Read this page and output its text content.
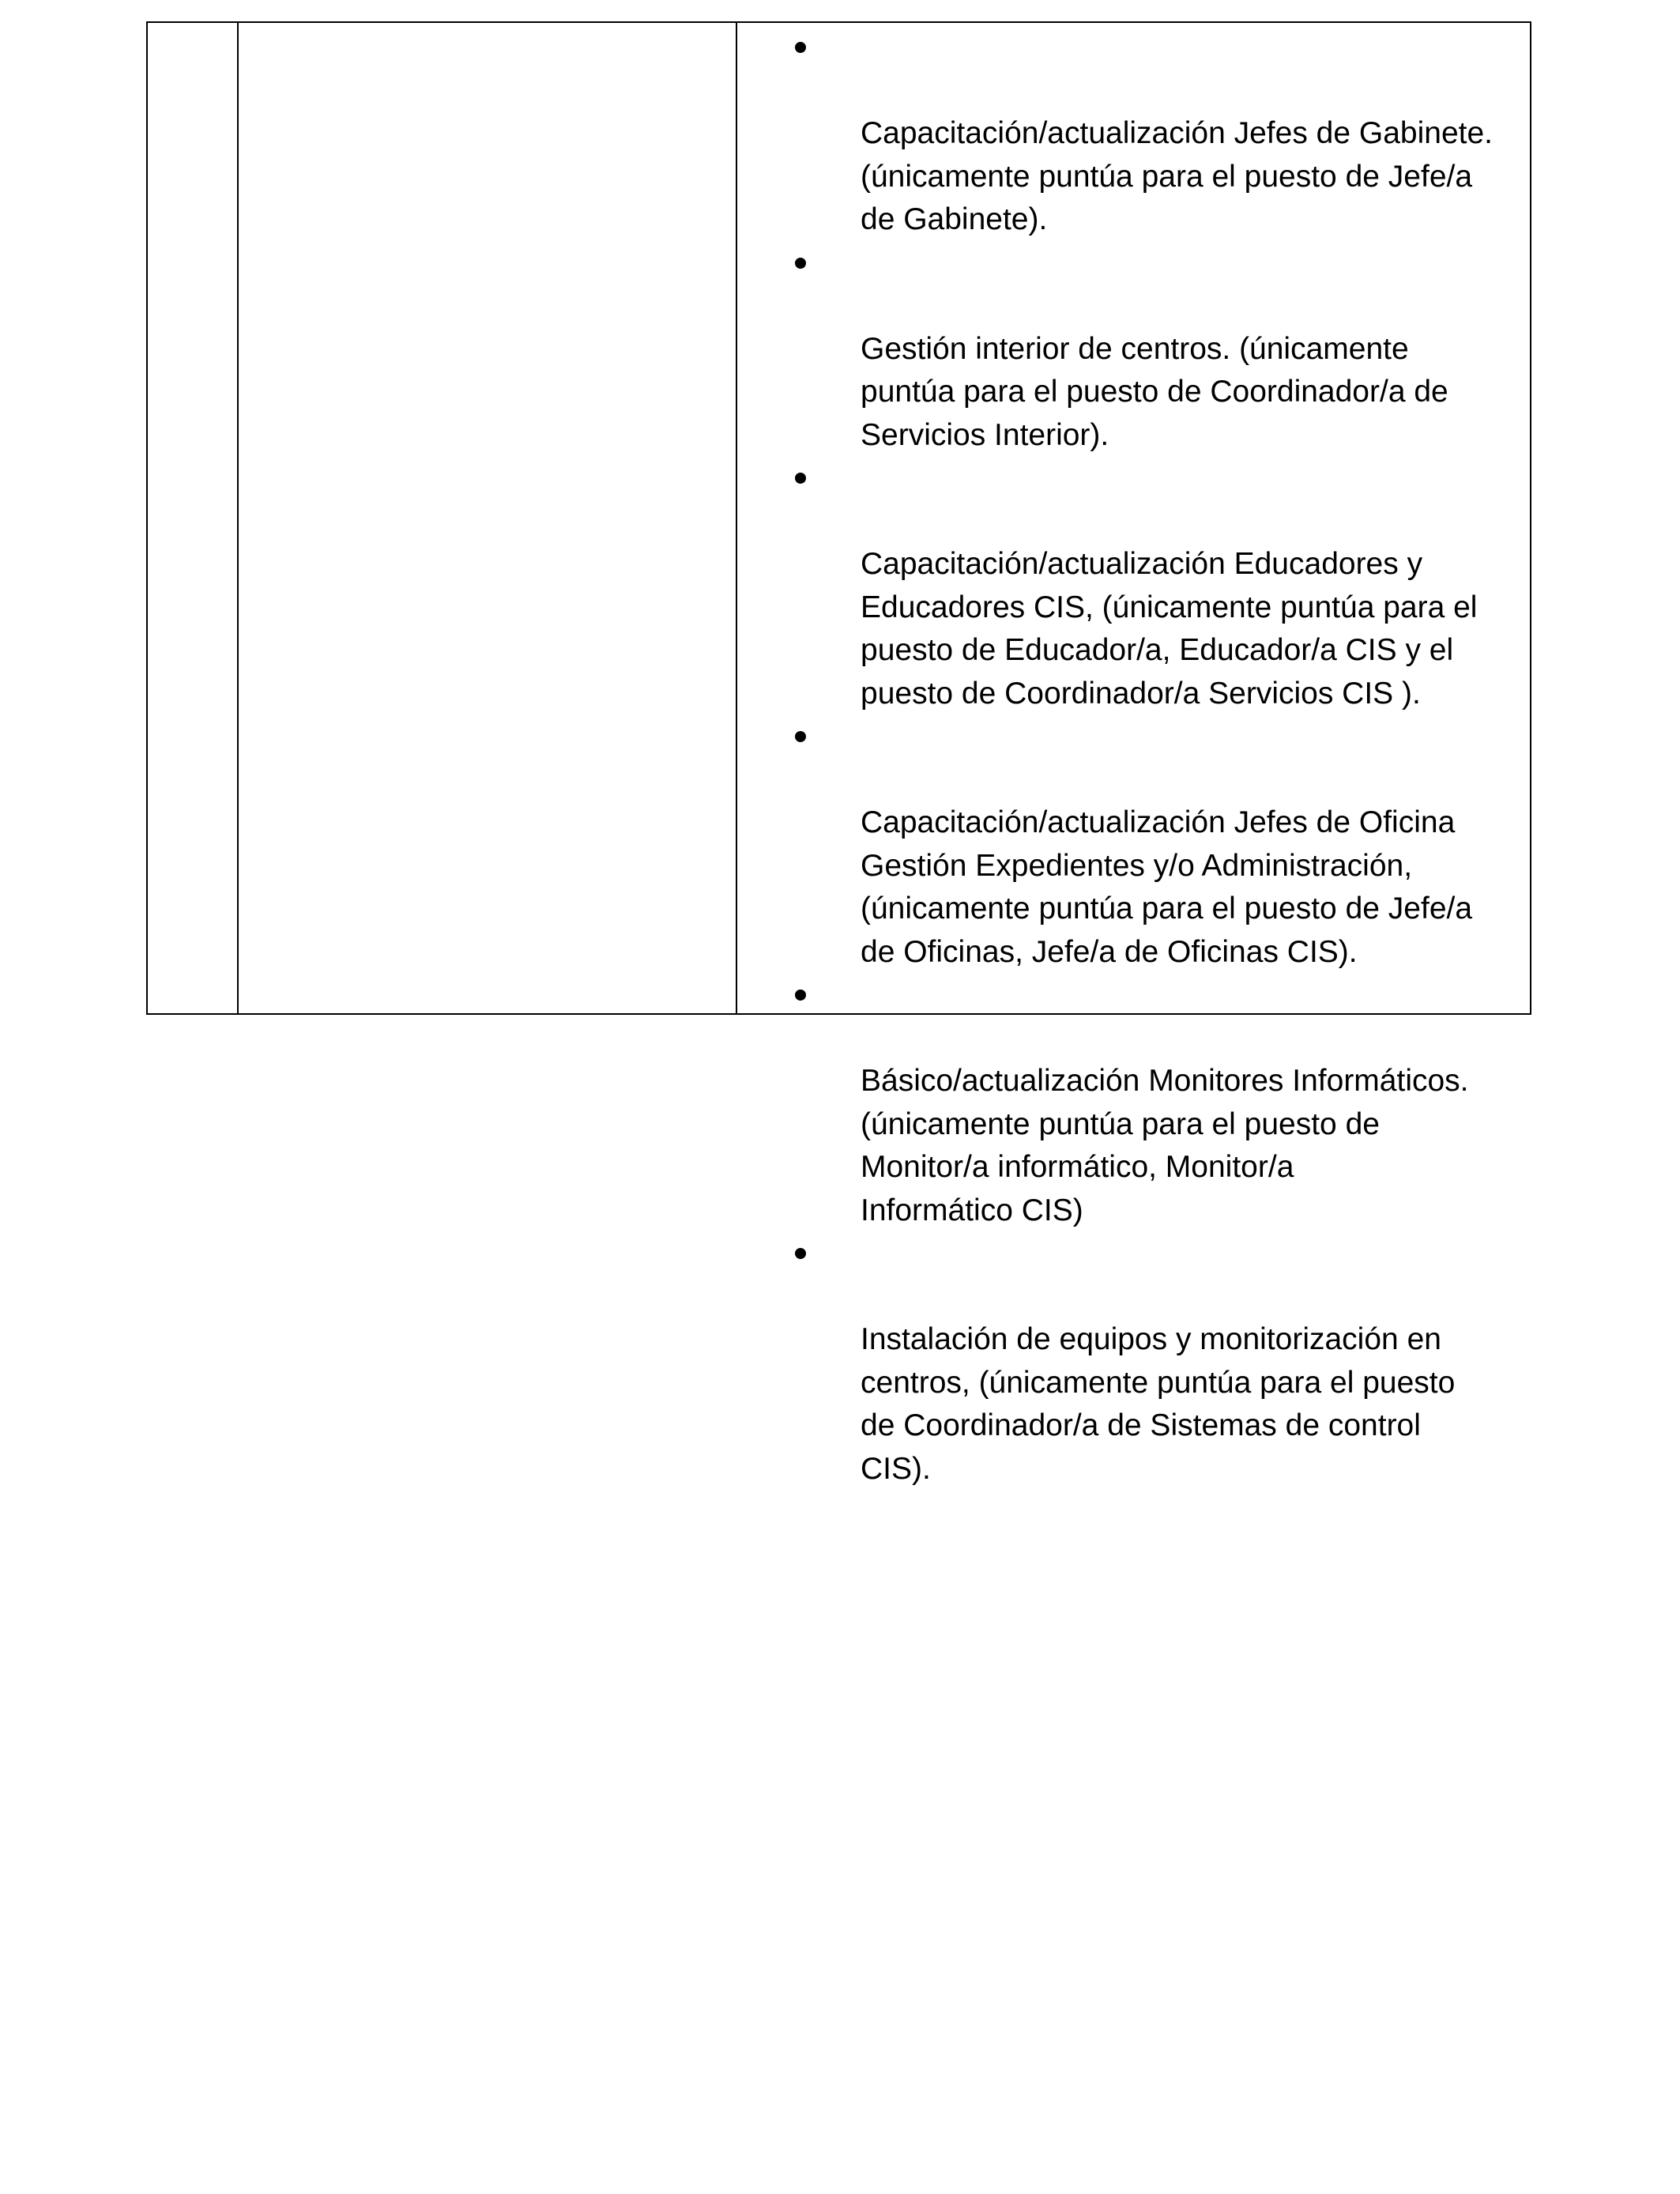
Capacitación/actualización Jefes de Gabinete.
(únicamente puntúa para el puesto de Jefe/a
de Gabinete).

Gestión interior de centros. (únicamente
puntúa para el puesto de Coordinador/a de
Servicios Interior).

Capacitación/actualización Educadores y
Educadores CIS, (únicamente puntúa para el
puesto de Educador/a, Educador/a CIS y el
puesto de Coordinador/a Servicios CIS ).

Capacitación/actualización Jefes de Oficina
Gestión Expedientes y/o Administración,
(únicamente puntúa para el puesto de Jefe/a
de Oficinas, Jefe/a de Oficinas CIS).

Básico/actualización Monitores Informáticos.
(únicamente puntúa para el puesto de
Monitor/a informático, Monitor/a
Informático CIS)

Instalación de equipos y monitorización en
centros, (únicamente puntúa para el puesto
de Coordinador/a de Sistemas de control
CIS).
